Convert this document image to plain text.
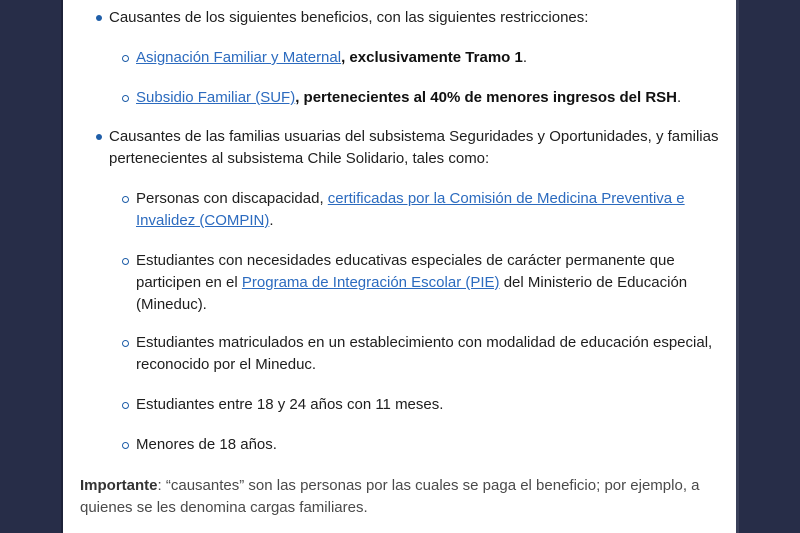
Causantes de los siguientes beneficios, con las siguientes restricciones:
Asignación Familiar y Maternal, exclusivamente Tramo 1.
Subsidio Familiar (SUF), pertenecientes al 40% de menores ingresos del RSH.
Causantes de las familias usuarias del subsistema Seguridades y Oportunidades, y familias
pertenecientes al subsistema Chile Solidario, tales como:
Personas con discapacidad, certificadas por la Comisión de Medicina Preventiva e
Invalidez (COMPIN).
Estudiantes con necesidades educativas especiales de carácter permanente que
participen en el Programa de Integración Escolar (PIE) del Ministerio de Educación
(Mineduc).
Estudiantes matriculados en un establecimiento con modalidad de educación especial,
reconocido por el Mineduc.
Estudiantes entre 18 y 24 años con 11 meses.
Menores de 18 años.
Importante: “causantes” son las personas por las cuales se paga el beneficio; por ejemplo, a
quienes se les denomina cargas familiares.
